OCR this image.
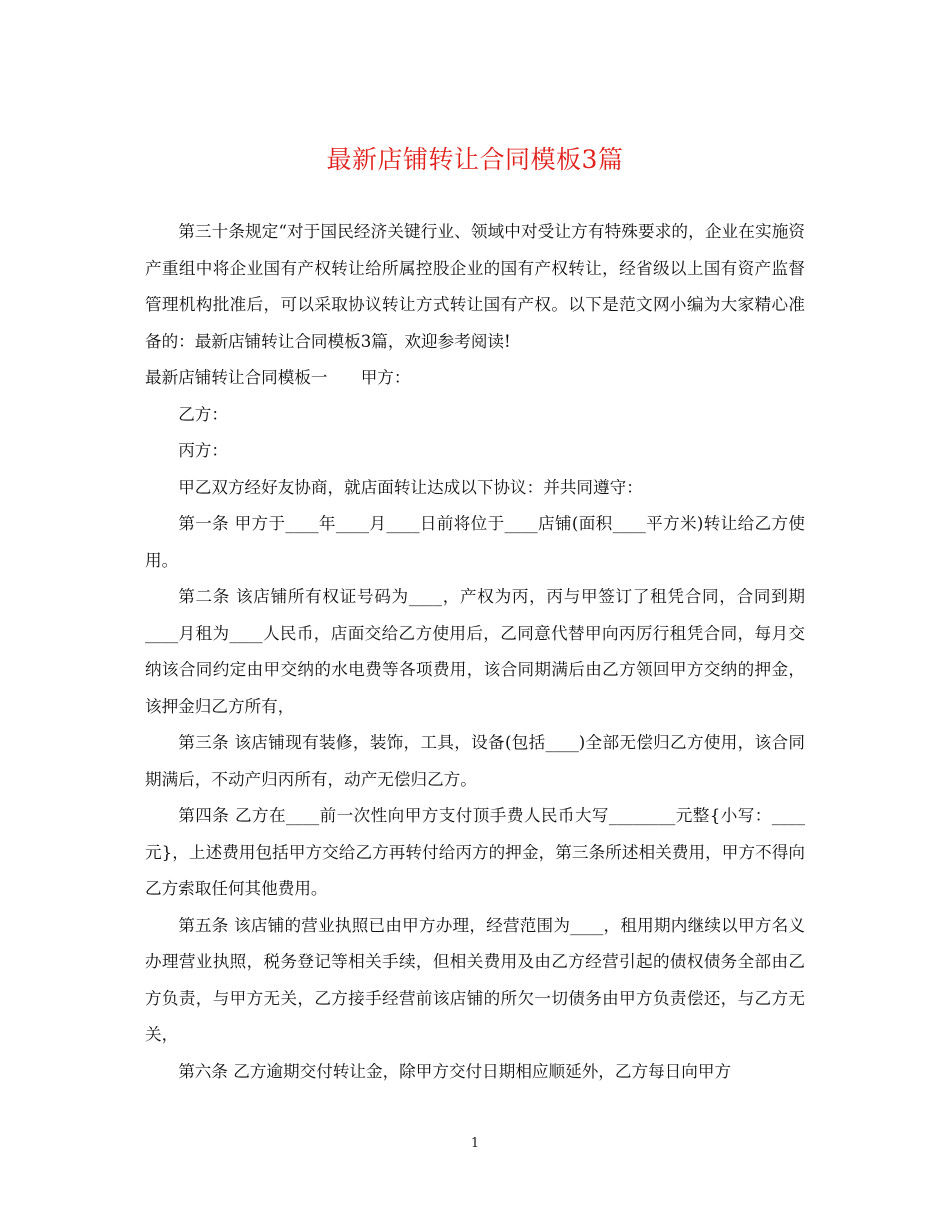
最新店铺转让合同模板3篇

第三十条规定“对于国民经济关键行业、领域中对受让方有特殊要求的，企业在实施资产重组中将企业国有产权转让给所属控股企业的国有产权转让，经省级以上国有资产监督管理机构批准后，可以采取协议转让方式转让国有产权。以下是范文网小编为大家精心准备的：最新店铺转让合同模板3篇，欢迎参考阅读!

最新店铺转让合同模板一　　甲方：

乙方：

丙方：

甲乙双方经好友协商，就店面转让达成以下协议：并共同遵守：

第一条 甲方于____年____月____日前将位于____店铺(面积____平方米)转让给乙方使用。

第二条 该店铺所有权证号码为____，产权为丙，丙与甲签订了租凭合同，合同到期____月租为____人民币，店面交给乙方使用后，乙同意代替甲向丙厉行租凭合同，每月交纳该合同约定由甲交纳的水电费等各项费用，该合同期满后由乙方领回甲方交纳的押金，该押金归乙方所有，

第三条 该店铺现有装修，装饰，工具，设备(包括____)全部无偿归乙方使用，该合同期满后，不动产归丙所有，动产无偿归乙方。

第四条 乙方在____前一次性向甲方支付顶手费人民币大写________元整{小写：____元}，上述费用包括甲方交给乙方再转付给丙方的押金，第三条所述相关费用，甲方不得向乙方索取任何其他费用。

第五条 该店铺的营业执照已由甲方办理，经营范围为____，租用期内继续以甲方名义办理营业执照，税务登记等相关手续，但相关费用及由乙方经营引起的债权债务全部由乙方负责，与甲方无关，乙方接手经营前该店铺的所欠一切债务由甲方负责偿还，与乙方无关，

第六条 乙方逾期交付转让金，除甲方交付日期相应顺延外，乙方每日向甲方

1
